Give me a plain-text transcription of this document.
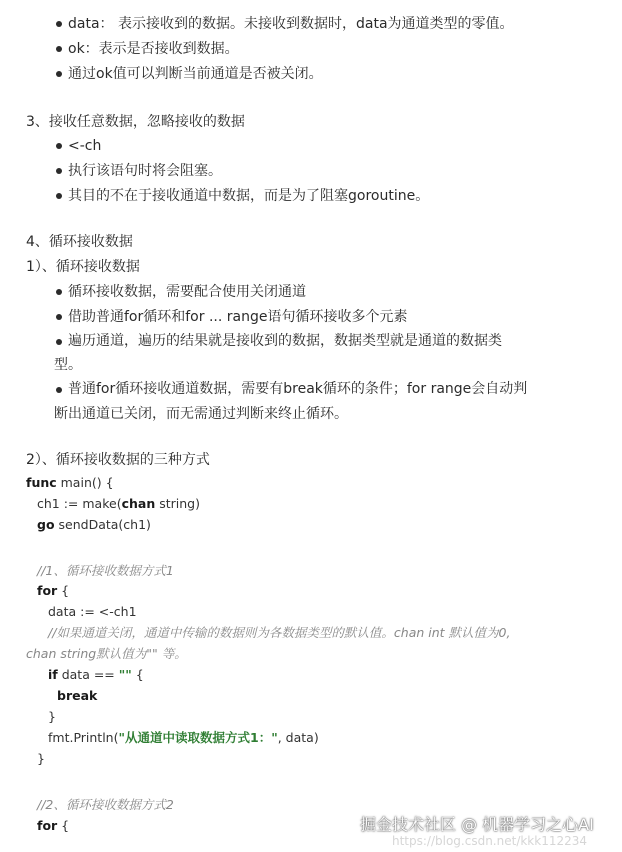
data： 表示接收到的数据。未接收到数据时，data为通道类型的零值。
ok：表示是否接收到数据。
通过ok值可以判断当前通道是否被关闭。
3、接收任意数据，忽略接收的数据
<-ch
执行该语句时将会阻塞。
其目的不在于接收通道中数据，而是为了阻塞goroutine。
4、循环接收数据
1）、循环接收数据
循环接收数据，需要配合使用关闭通道
借助普通for循环和for ... range语句循环接收多个元素
遍历通道，遍历的结果就是接收到的数据，数据类型就是通道的数据类
型。
普通for循环接收通道数据，需要有break循环的条件；for range会自动判
断出通道已关闭，而无需通过判断来终止循环。
2）、循环接收数据的三种方式
func main() {
ch1 := make(chan string)
go sendData(ch1)
//1、循环接收数据方式1
for {
data := <-ch1
//如果通道关闭，通道中传输的数据则为各数据类型的默认值。chan int 默认值为0,
chan string默认值为"" 等。
if data == "" {
break
}
fmt.Println("从通道中读取数据方式1：", data)
}
//2、循环接收数据方式2
for {	掘金技术社区 @ 机器学习之心AI
https://blog.csdn.net/kkk112234
